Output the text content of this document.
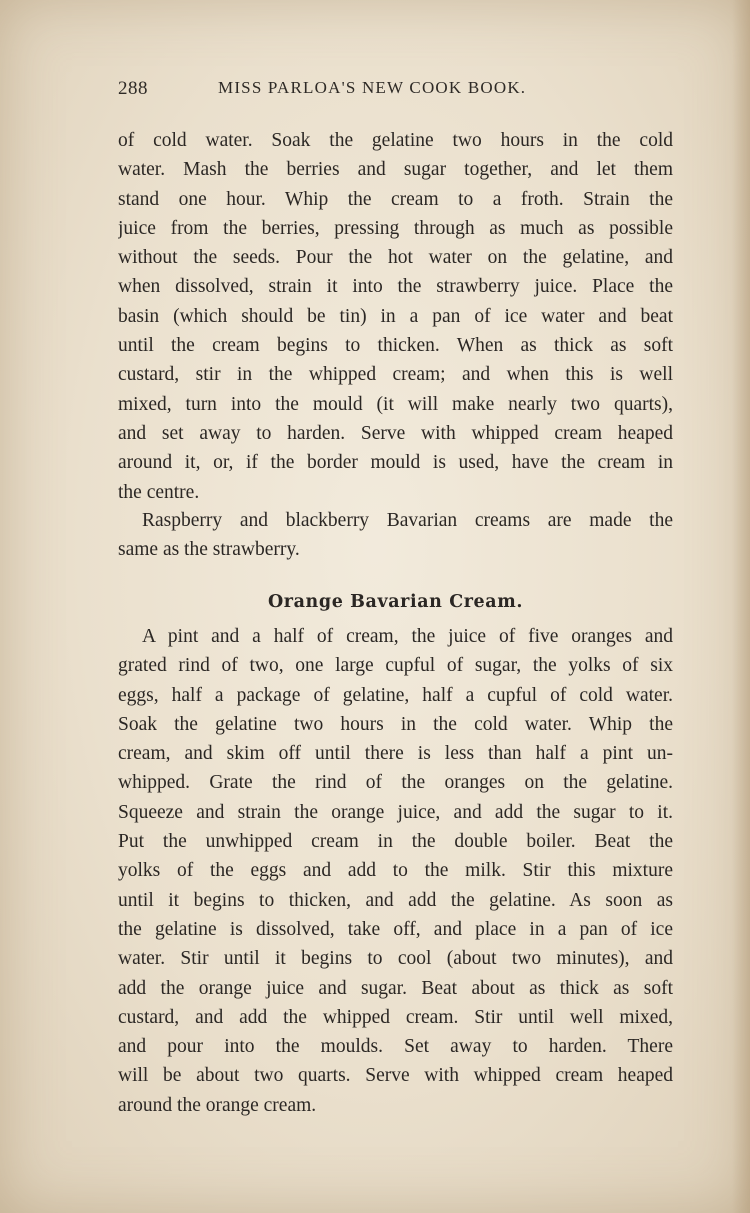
288	MISS PARLOA'S NEW COOK BOOK.
of cold water. Soak the gelatine two hours in the cold
water. Mash the berries and sugar together, and let them
stand one hour. Whip the cream to a froth. Strain the
juice from the berries, pressing through as much as possible
without the seeds. Pour the hot water on the gelatine, and
when dissolved, strain it into the strawberry juice. Place the
basin (which should be tin) in a pan of ice water and beat
until the cream begins to thicken. When as thick as soft
custard, stir in the whipped cream; and when this is well
mixed, turn into the mould (it will make nearly two quarts),
and set away to harden. Serve with whipped cream heaped
around it, or, if the border mould is used, have the cream in
the centre.
Raspberry and blackberry Bavarian creams are made the
same as the strawberry.
Orange Bavarian Cream.
A pint and a half of cream, the juice of five oranges and
grated rind of two, one large cupful of sugar, the yolks of six
eggs, half a package of gelatine, half a cupful of cold water.
Soak the gelatine two hours in the cold water. Whip the
cream, and skim off until there is less than half a pint un-
whipped. Grate the rind of the oranges on the gelatine.
Squeeze and strain the orange juice, and add the sugar to it.
Put the unwhipped cream in the double boiler. Beat the
yolks of the eggs and add to the milk. Stir this mixture
until it begins to thicken, and add the gelatine. As soon as
the gelatine is dissolved, take off, and place in a pan of ice
water. Stir until it begins to cool (about two minutes), and
add the orange juice and sugar. Beat about as thick as soft
custard, and add the whipped cream. Stir until well mixed,
and pour into the moulds. Set away to harden. There
will be about two quarts. Serve with whipped cream heaped
around the orange cream.
